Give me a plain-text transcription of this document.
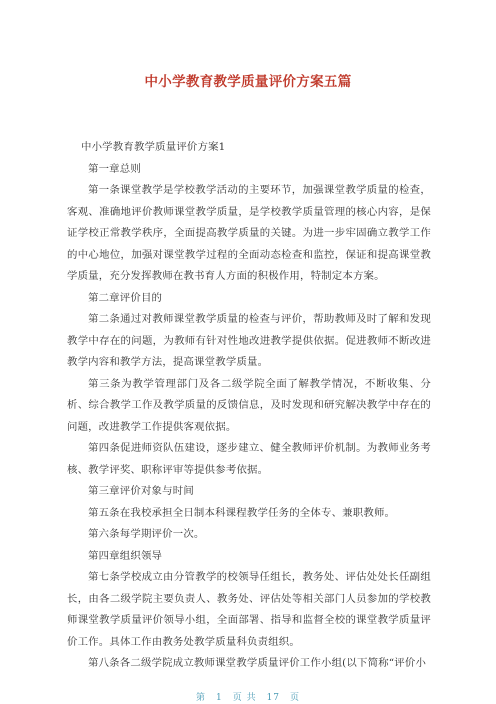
中小学教育教学质量评价方案五篇

中小学教育教学质量评价方案1

第一章总则

第一条课堂教学是学校教学活动的主要环节，加强课堂教学质量的检查，客观、准确地评价教师课堂教学质量，是学校教学质量管理的核心内容，是保证学校正常教学秩序，全面提高教学质量的关键。为进一步牢固确立教学工作的中心地位，加强对课堂教学过程的全面动态检查和监控，保证和提高课堂教学质量，充分发挥教师在教书育人方面的积极作用，特制定本方案。

第二章评价目的

第二条通过对教师课堂教学质量的检查与评价，帮助教师及时了解和发现教学中存在的问题，为教师有针对性地改进教学提供依据。促进教师不断改进教学内容和教学方法，提高课堂教学质量。

第三条为教学管理部门及各二级学院全面了解教学情况，不断收集、分析、综合教学工作及教学质量的反馈信息，及时发现和研究解决教学中存在的问题，改进教学工作提供客观依据。

第四条促进师资队伍建设，逐步建立、健全教师评价机制。为教师业务考核、教学评奖、职称评审等提供参考依据。

第三章评价对象与时间

第五条在我校承担全日制本科课程教学任务的全体专、兼职教师。

第六条每学期评价一次。

第四章组织领导

第七条学校成立由分管教学的校领导任组长，教务处、评估处处长任副组长，由各二级学院主要负责人、教务处、评估处等相关部门人员参加的学校教师课堂教学质量评价领导小组，全面部署、指导和监督全校的课堂教学质量评价工作。具体工作由教务处教学质量科负责组织。

第八条各二级学院成立教师课堂教学质量评价工作小组(以下简称“评价小

第 1 页 共 17 页
